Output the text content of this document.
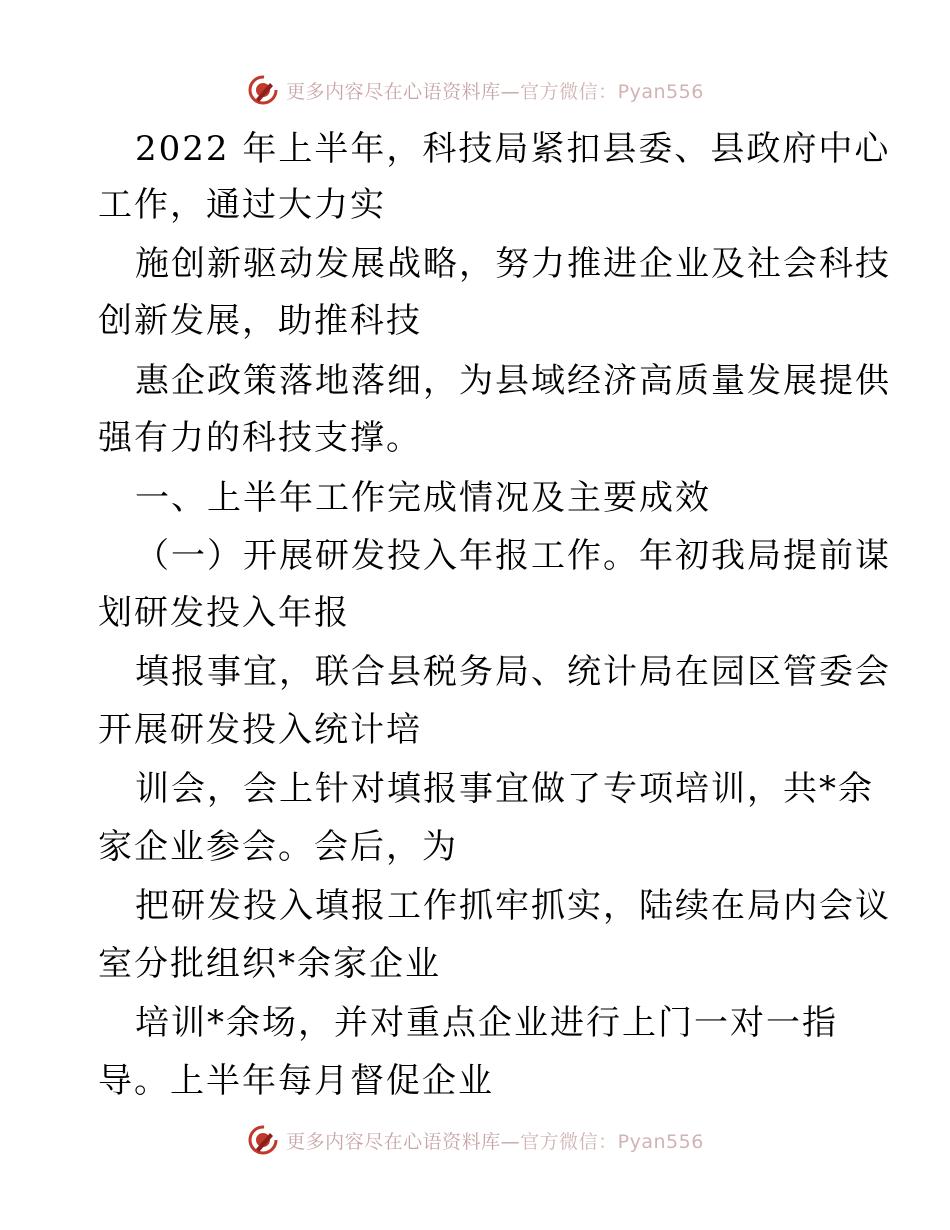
更多内容尽在心语资料库—官方微信：Pyan556
2022 年上半年，科技局紧扣县委、县政府中心
工作，通过大力实
施创新驱动发展战略，努力推进企业及社会科技
创新发展，助推科技
惠企政策落地落细，为县域经济高质量发展提供
强有力的科技支撑。
一、上半年工作完成情况及主要成效
（一）开展研发投入年报工作。年初我局提前谋
划研发投入年报
填报事宜，联合县税务局、统计局在园区管委会
开展研发投入统计培
训会，会上针对填报事宜做了专项培训，共*余
家企业参会。会后，为
把研发投入填报工作抓牢抓实，陆续在局内会议
室分批组织*余家企业
培训*余场，并对重点企业进行上门一对一指
导。上半年每月督促企业
更多内容尽在心语资料库—官方微信：Pyan556
